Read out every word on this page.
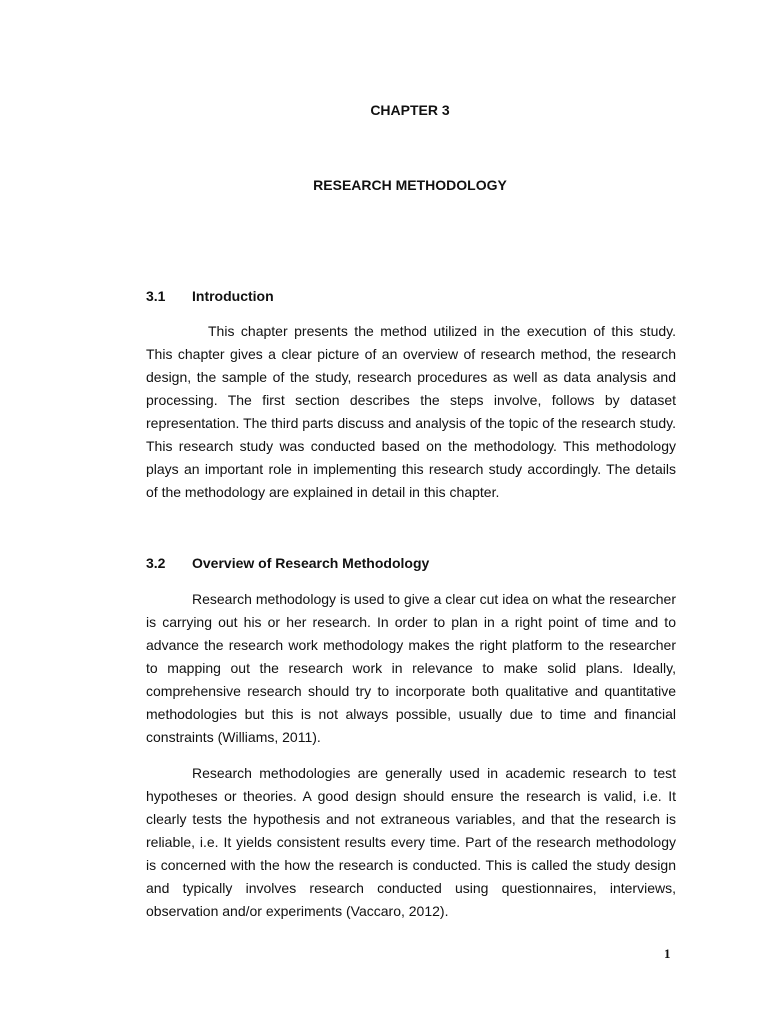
CHAPTER 3
RESEARCH METHODOLOGY
3.1 Introduction

This chapter presents the method utilized in the execution of this study. This chapter gives a clear picture of an overview of research method, the research design, the sample of the study, research procedures as well as data analysis and processing. The first section describes the steps involve, follows by dataset representation. The third parts discuss and analysis of the topic of the research study. This research study was conducted based on the methodology. This methodology plays an important role in implementing this research study accordingly. The details of the methodology are explained in detail in this chapter.

3.2 Overview of Research Methodology

Research methodology is used to give a clear cut idea on what the researcher is carrying out his or her research. In order to plan in a right point of time and to advance the research work methodology makes the right platform to the researcher to mapping out the research work in relevance to make solid plans. Ideally, comprehensive research should try to incorporate both qualitative and quantitative methodologies but this is not always possible, usually due to time and financial constraints (Williams, 2011).

Research methodologies are generally used in academic research to test hypotheses or theories. A good design should ensure the research is valid, i.e. It clearly tests the hypothesis and not extraneous variables, and that the research is reliable, i.e. It yields consistent results every time. Part of the research methodology is concerned with the how the research is conducted. This is called the study design and typically involves research conducted using questionnaires, interviews, observation and/or experiments (Vaccaro, 2012).

1
